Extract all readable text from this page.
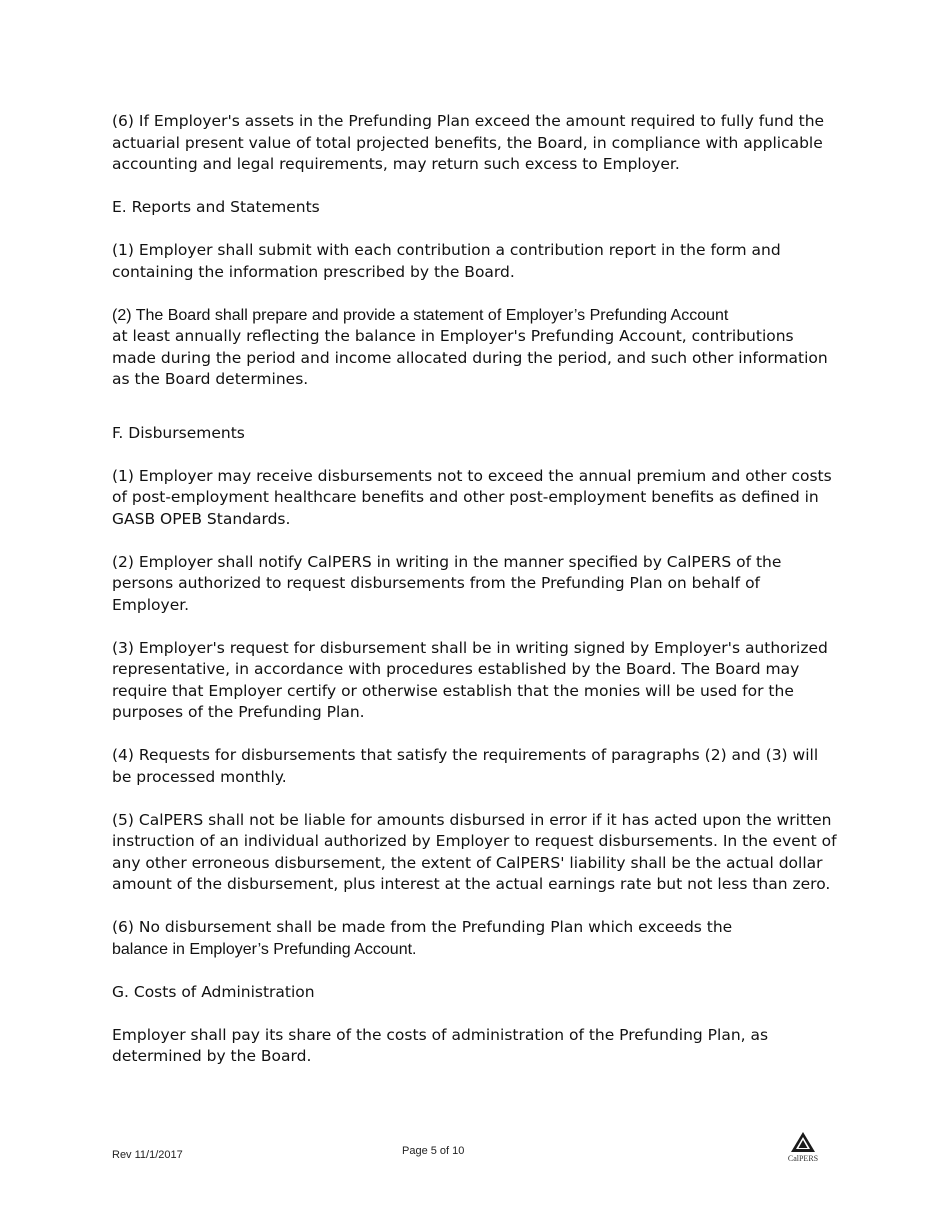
(6) If Employer's assets in the Prefunding Plan exceed the amount required to fully fund the actuarial present value of total projected benefits, the Board, in compliance with applicable accounting and legal requirements, may return such excess to Employer.

E. Reports and Statements

(1) Employer shall submit with each contribution a contribution report in the form and containing the information prescribed by the Board.

(2) The Board shall prepare and provide a statement of Employer’s Prefunding Account
at least annually reflecting the balance in Employer's Prefunding Account, contributions made during the period and income allocated during the period, and such other information as the Board determines.

F. Disbursements

(1) Employer may receive disbursements not to exceed the annual premium and other costs of post-employment healthcare benefits and other post-employment benefits as defined in GASB OPEB Standards.

(2) Employer shall notify CalPERS in writing in the manner specified by CalPERS of the persons authorized to request disbursements from the Prefunding Plan on behalf of Employer.

(3) Employer's request for disbursement shall be in writing signed by Employer's authorized representative, in accordance with procedures established by the Board. The Board may require that Employer certify or otherwise establish that the monies will be used for the purposes of the Prefunding Plan.

(4) Requests for disbursements that satisfy the requirements of paragraphs (2) and (3) will be processed monthly.

(5) CalPERS shall not be liable for amounts disbursed in error if it has acted upon the written instruction of an individual authorized by Employer to request disbursements. In the event of any other erroneous disbursement, the extent of CalPERS' liability shall be the actual dollar amount of the disbursement, plus interest at the actual earnings rate but not less than zero.

(6) No disbursement shall be made from the Prefunding Plan which exceeds the
balance in Employer’s Prefunding Account.

G. Costs of Administration

Employer shall pay its share of the costs of administration of the Prefunding Plan, as determined by the Board.

Rev 11/1/2017	Page 5 of 10
CalPERS
